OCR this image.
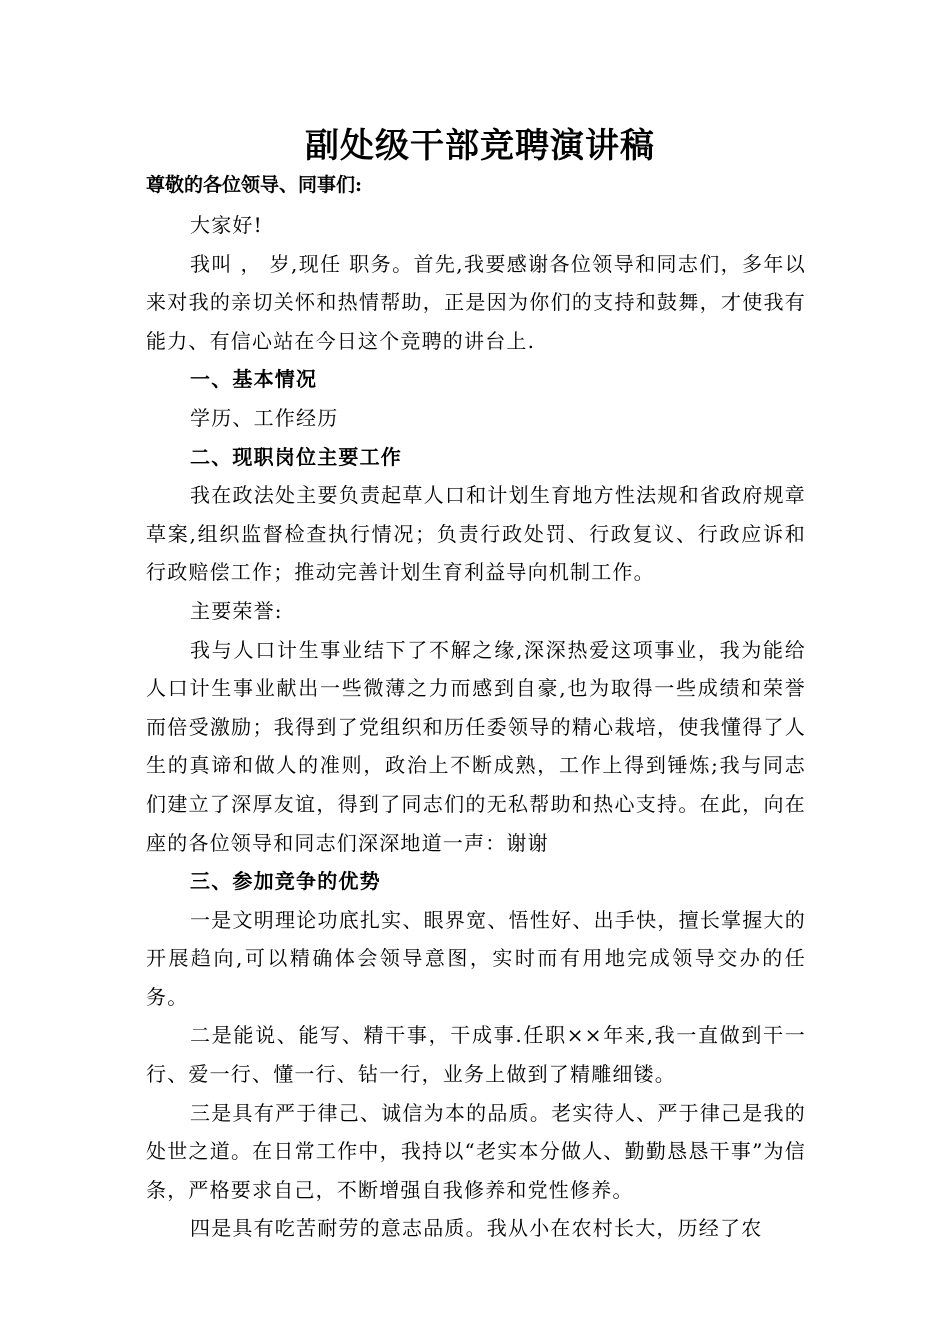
副处级干部竞聘演讲稿

尊敬的各位领导、同事们:

大家好!

我叫 ， 岁,现任 职务。首先,我要感谢各位领导和同志们，多年以来对我的亲切关怀和热情帮助，正是因为你们的支持和鼓舞，才使我有能力、有信心站在今日这个竞聘的讲台上.

一、基本情况

学历、工作经历

二、现职岗位主要工作

我在政法处主要负责起草人口和计划生育地方性法规和省政府规章草案,组织监督检查执行情况；负责行政处罚、行政复议、行政应诉和行政赔偿工作；推动完善计划生育利益导向机制工作。

主要荣誉:

我与人口计生事业结下了不解之缘,深深热爱这项事业，我为能给人口计生事业献出一些微薄之力而感到自豪,也为取得一些成绩和荣誉而倍受激励；我得到了党组织和历任委领导的精心栽培，使我懂得了人生的真谛和做人的准则，政治上不断成熟，工作上得到锤炼;我与同志们建立了深厚友谊，得到了同志们的无私帮助和热心支持。在此，向在座的各位领导和同志们深深地道一声：谢谢

三、参加竞争的优势

一是文明理论功底扎实、眼界宽、悟性好、出手快，擅长掌握大的开展趋向,可以精确体会领导意图，实时而有用地完成领导交办的任务。

二是能说、能写、精干事，干成事.任职××年来,我一直做到干一行、爱一行、懂一行、钻一行，业务上做到了精雕细镂。

三是具有严于律己、诚信为本的品质。老实待人、严于律己是我的处世之道。在日常工作中，我持以“老实本分做人、勤勤恳恳干事”为信条，严格要求自己，不断增强自我修养和党性修养。

四是具有吃苦耐劳的意志品质。我从小在农村长大，历经了农
